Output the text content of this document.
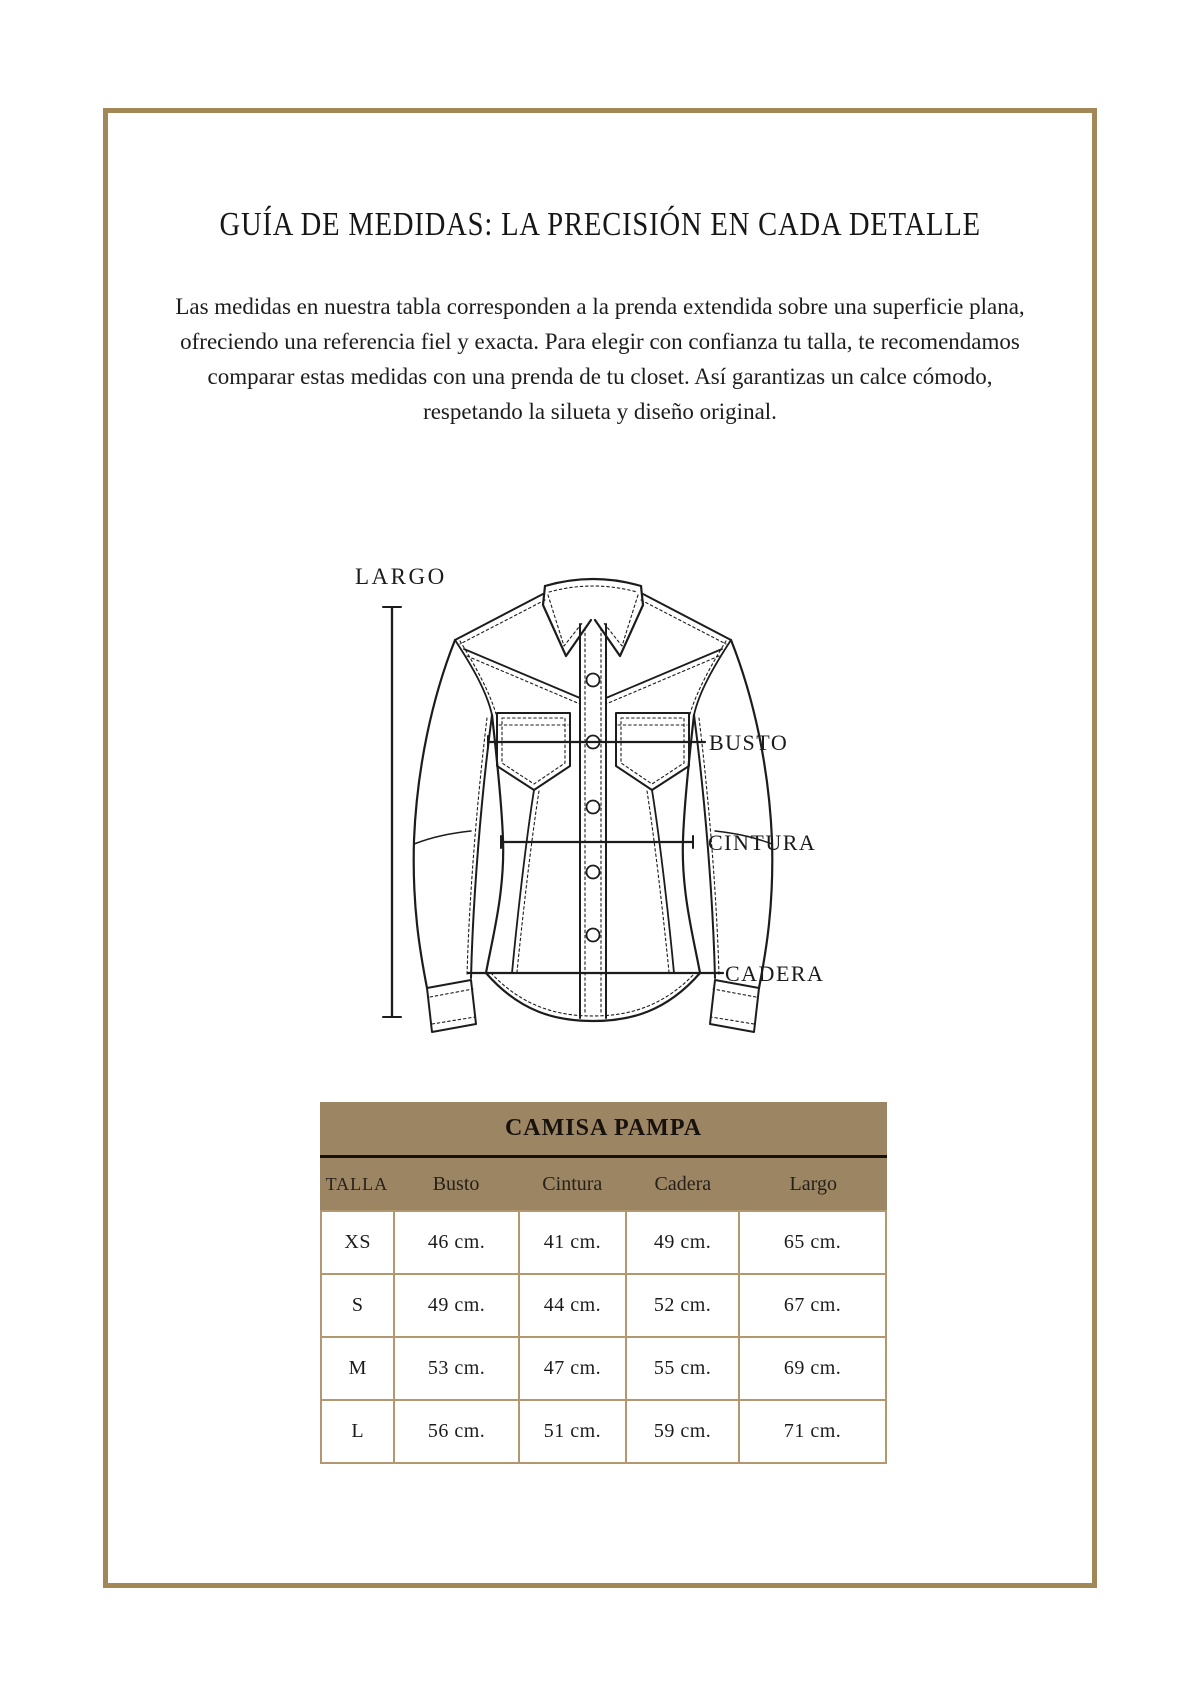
GUÍA DE MEDIDAS: LA PRECISIÓN EN CADA DETALLE
Las medidas en nuestra tabla corresponden a la prenda extendida sobre una superficie plana, ofreciendo una referencia fiel y exacta. Para elegir con confianza tu talla, te recomendamos comparar estas medidas con una prenda de tu closet. Así garantizas un calce cómodo, respetando la silueta y diseño original.
LARGO
BUSTO
CINTURA
CADERA
CAMISA PAMPA
TALLA	Busto	Cintura	Cadera	Largo
XS	46 cm.	41 cm.	49 cm.	65 cm.
S	49 cm.	44 cm.	52 cm.	67 cm.
M	53 cm.	47 cm.	55 cm.	69 cm.
L	56 cm.	51 cm.	59 cm.	71 cm.
